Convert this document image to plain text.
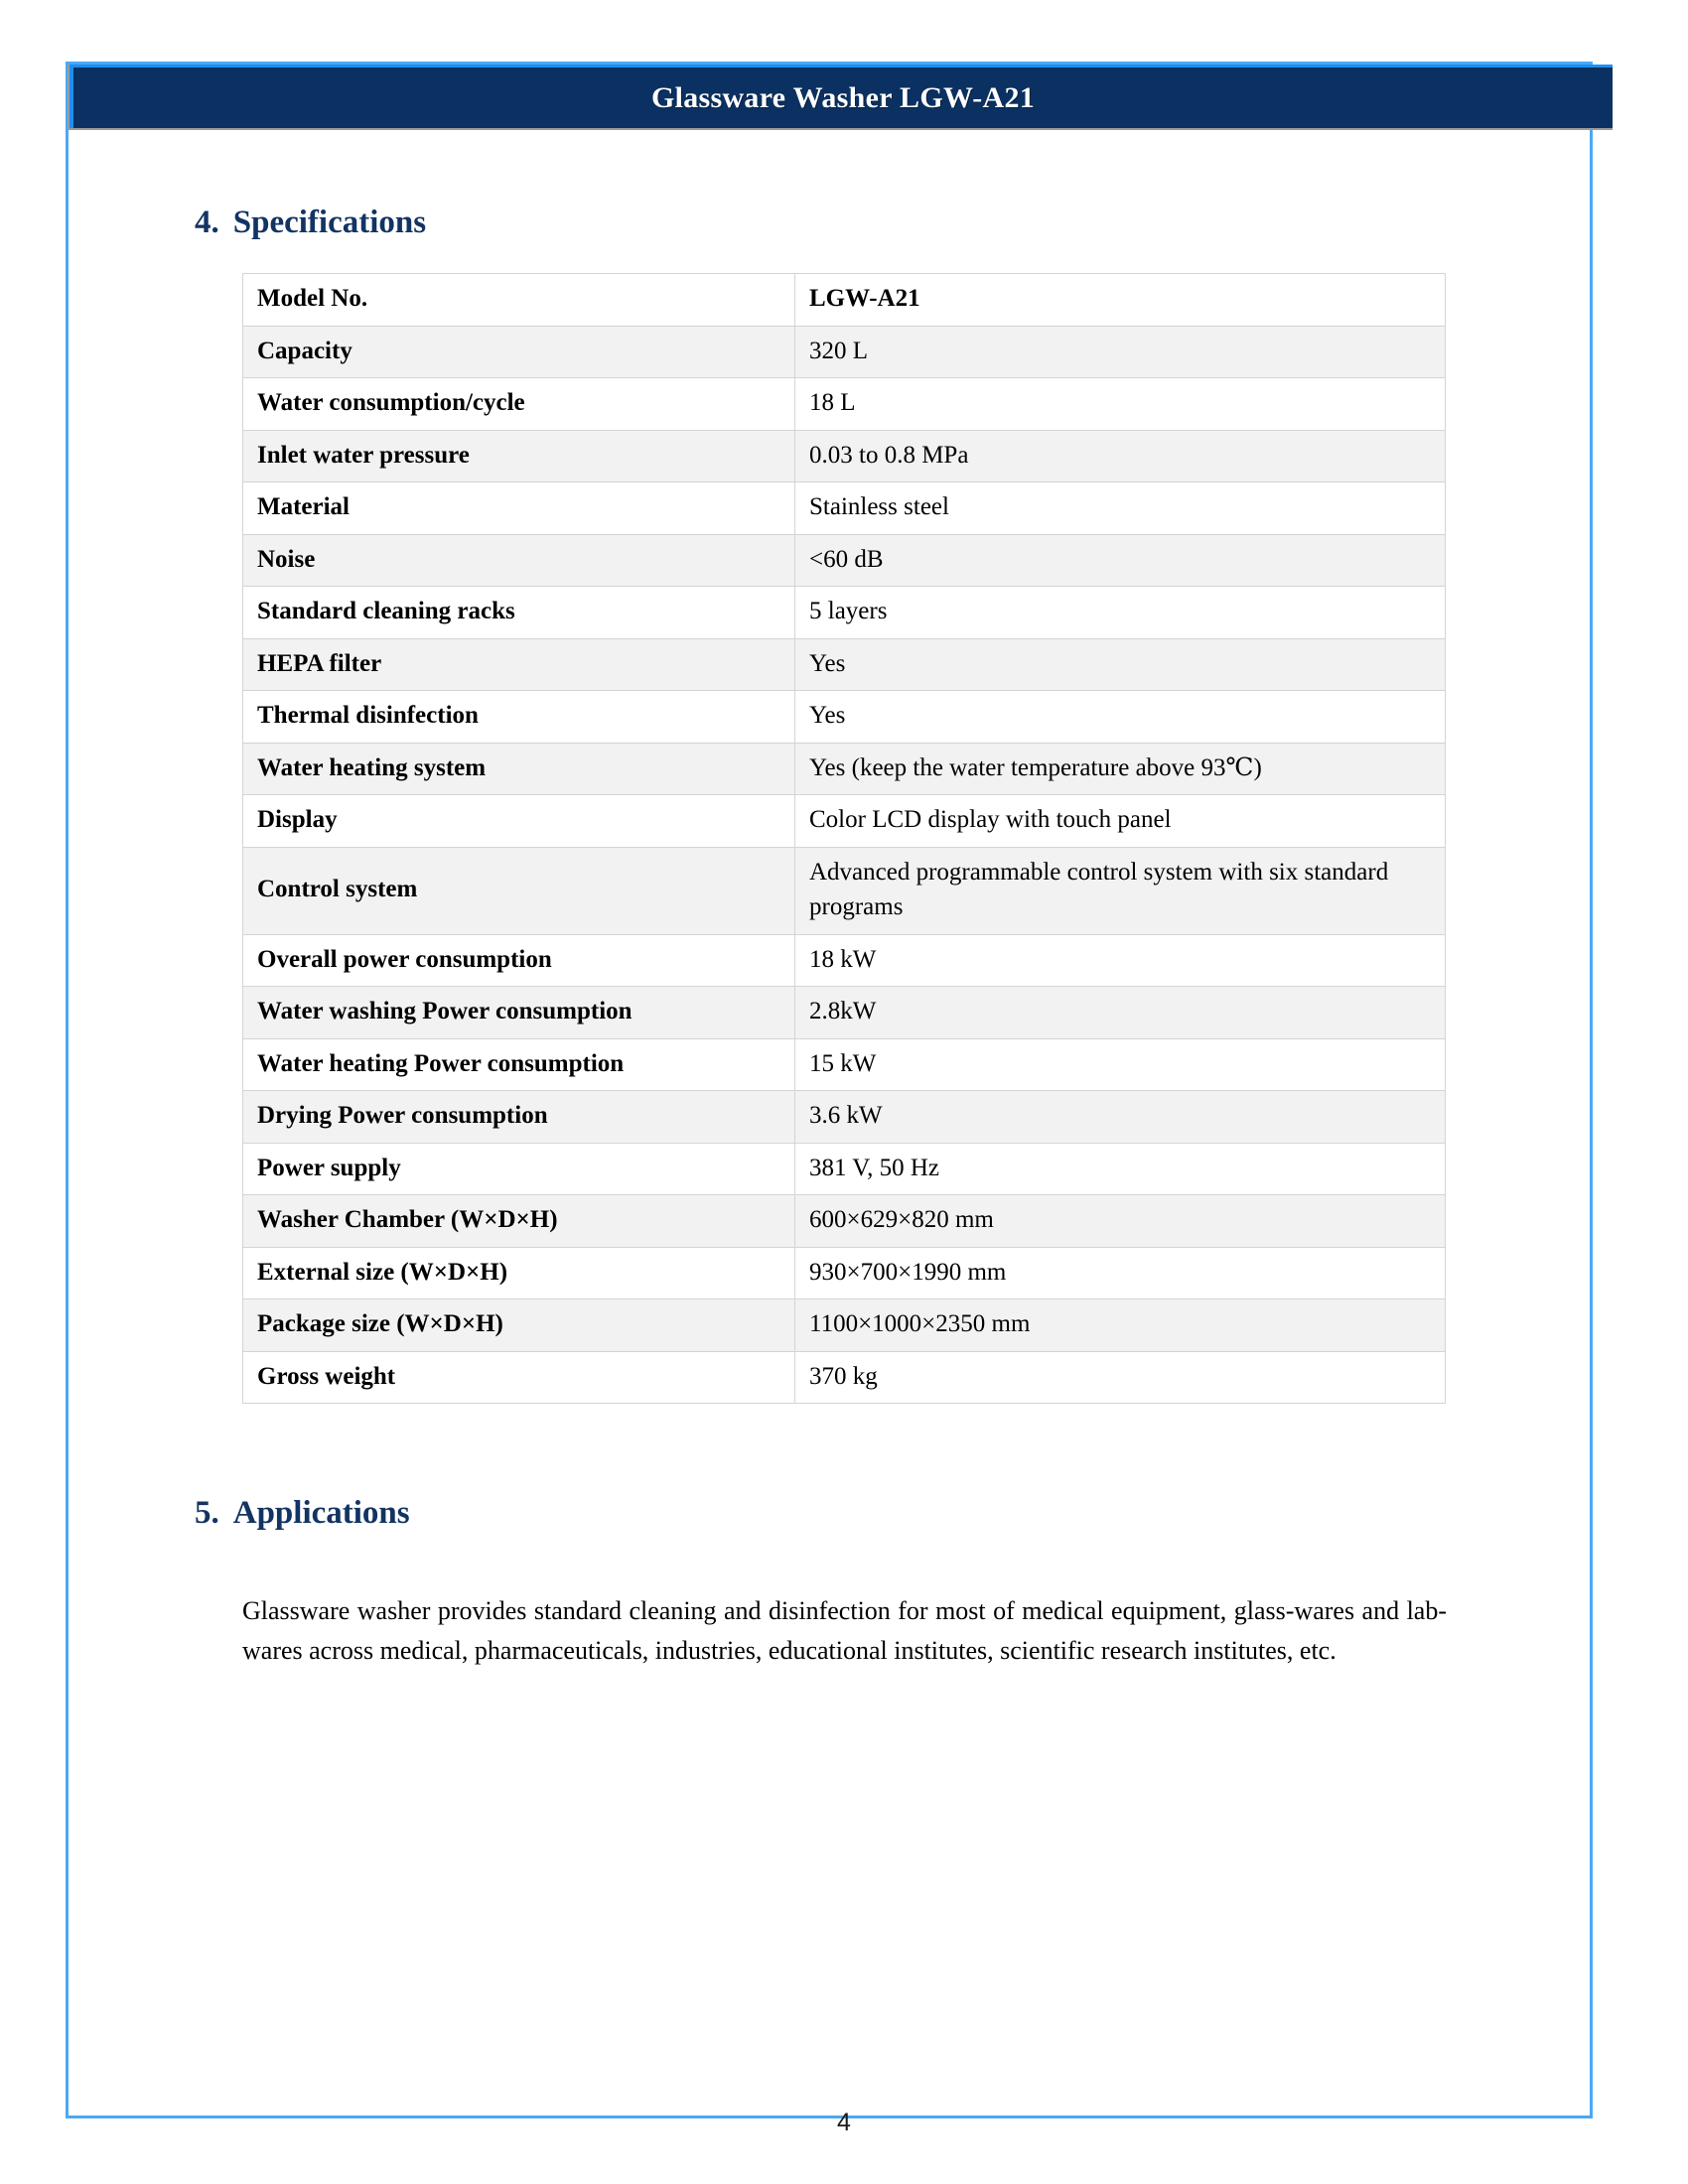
Glassware Washer LGW-A21
4. Specifications
Model No.	LGW-A21
Capacity	320 L
Water consumption/cycle	18 L
Inlet water pressure	0.03 to 0.8 MPa
Material	Stainless steel
Noise	<60 dB
Standard cleaning racks	5 layers
HEPA filter	Yes
Thermal disinfection	Yes
Water heating system	Yes (keep the water temperature above 93℃)
Display	Color LCD display with touch panel
Control system	Advanced programmable control system with six standard programs
Overall power consumption	18 kW
Water washing Power consumption	2.8kW
Water heating Power consumption	15 kW
Drying Power consumption	3.6 kW
Power supply	381 V, 50 Hz
Washer Chamber (W×D×H)	600×629×820 mm
External size (W×D×H)	930×700×1990 mm
Package size (W×D×H)	1100×1000×2350 mm
Gross weight	370 kg
5. Applications

Glassware washer provides standard cleaning and disinfection for most of medical equipment, glass-wares and lab-wares across medical, pharmaceuticals, industries, educational institutes, scientific research institutes, etc.

4
